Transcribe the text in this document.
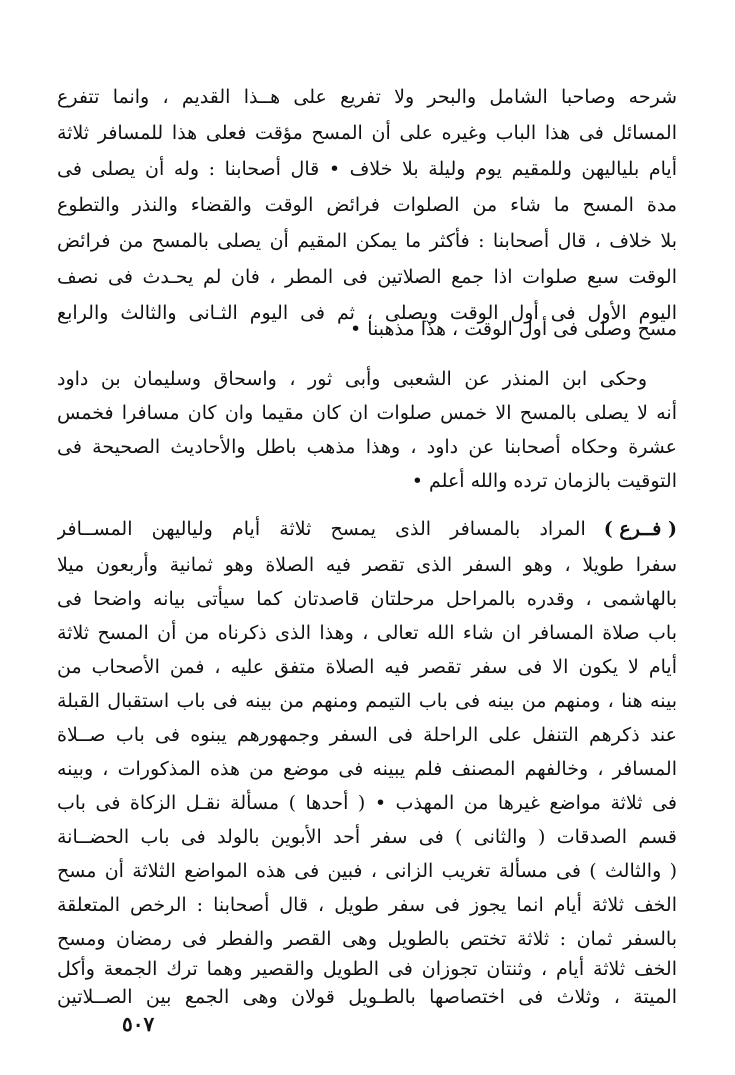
شرحه وصاحبا الشامل والبحر ولا تفريع على هــذا القديم ، وانما تتفرع
المسائل فى هذا الباب وغيره على أن المسح مؤقت فعلى هذا للمسافر ثلاثة
أيام بلياليهن وللمقيم يوم وليلة بلا خلاف • قال أصحابنا : وله أن يصلى فى
مدة المسح ما شاء من الصلوات فرائض الوقت والقضاء والنذر والتطوع
بلا خلاف ، قال أصحابنا : فأكثر ما يمكن المقيم أن يصلى بالمسح من فرائض
الوقت سبع صلوات اذا جمع الصلاتين فى المطر ، فان لم يحـدث فى نصف
اليوم الأول فى أول الوقت ويصلى ، ثم فى اليوم الثـانى والثالث والرابع
مسح وصلى فى أول الوقت ، هذا مذهبنا •
وحكى ابن المنذر عن الشعبى وأبى ثور ، واسحاق وسليمان بن داود
أنه لا يصلى بالمسح الا خمس صلوات ان كان مقيما وان كان مسافرا فخمس
عشرة وحكاه أصحابنا عن داود ، وهذا مذهب باطل والأحاديث الصحيحة فى
التوقيت بالزمان ترده والله أعلم •
( فــرع )
المراد بالمسافر الذى يمسح ثلاثة أيام ولياليهن المســافر
سفرا طويلا ، وهو السفر الذى تقصر فيه الصلاة وهو ثمانية وأربعون ميلا
بالهاشمى ، وقدره بالمراحل مرحلتان قاصدتان كما سيأتى بيانه واضحا فى
باب صلاة المسافر ان شاء الله تعالى ، وهذا الذى ذكرناه من أن المسح ثلاثة
أيام لا يكون الا فى سفر تقصر فيه الصلاة متفق عليه ، فمن الأصحاب من
بينه هنا ، ومنهم من بينه فى باب التيمم ومنهم من بينه فى باب استقبال القبلة
عند ذكرهم التنفل على الراحلة فى السفر وجمهورهم يبنوه فى باب صــلاة
المسافر ، وخالفهم المصنف فلم يبينه فى موضع من هذه المذكورات ، وبينه
فى ثلاثة مواضع غيرها من المهذب • ( أحدها ) مسألة نقـل الزكاة فى باب
قسم الصدقات ( والثانى ) فى سفر أحد الأبوين بالولد فى باب الحضــانة
( والثالث ) فى مسألة تغريب الزانى ، فبين فى هذه المواضع الثلاثة أن مسح
الخف ثلاثة أيام انما يجوز فى سفر طويل ، قال أصحابنا : الرخص المتعلقة
بالسفر ثمان : ثلاثة تختص بالطويل وهى القصر والفطر فى رمضان ومسح
الخف ثلاثة أيام ، وثنتان تجوزان فى الطويل والقصير وهما ترك الجمعة وأكل
الميتة ، وثلاث فى اختصاصها بالطـويل قولان وهى الجمع بين الصــلاتين
٥٠٧
